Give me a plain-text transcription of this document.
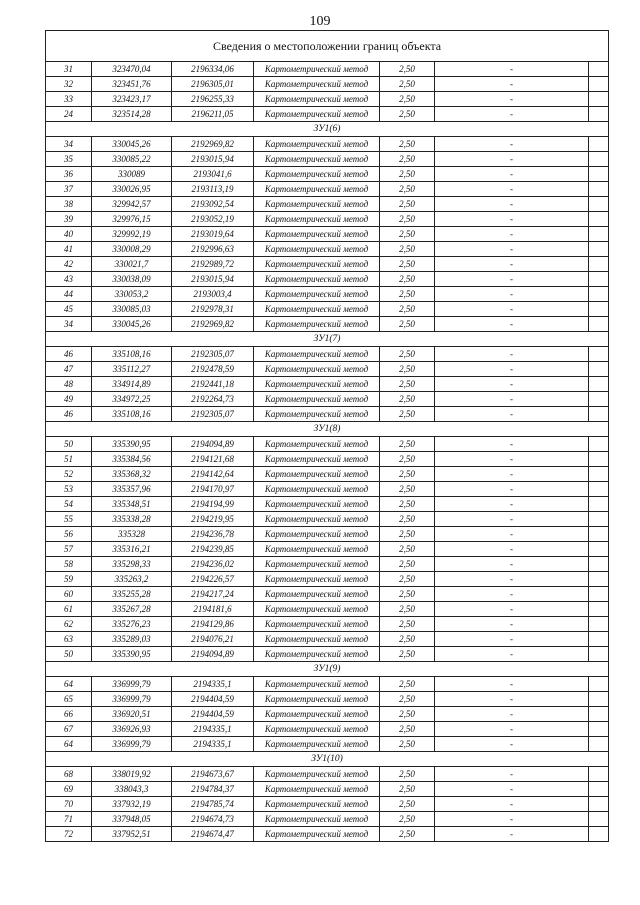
109
Сведения о местоположении границ объекта						
31	323470,04	2196334,06	Картометрический метод	2,50	-	
32	323451,76	2196305,01	Картометрический метод	2,50	-	
33	323423,17	2196255,33	Картометрический метод	2,50	-	
24	323514,28	2196211,05	Картометрический метод	2,50	-	
ЗУ1(6)						
34	330045,26	2192969,82	Картометрический метод	2,50	-	
35	330085,22	2193015,94	Картометрический метод	2,50	-	
36	330089	2193041,6	Картометрический метод	2,50	-	
37	330026,95	2193113,19	Картометрический метод	2,50	-	
38	329942,57	2193092,54	Картометрический метод	2,50	-	
39	329976,15	2193052,19	Картометрический метод	2,50	-	
40	329992,19	2193019,64	Картометрический метод	2,50	-	
41	330008,29	2192996,63	Картометрический метод	2,50	-	
42	330021,7	2192989,72	Картометрический метод	2,50	-	
43	330038,09	2193015,94	Картометрический метод	2,50	-	
44	330053,2	2193003,4	Картометрический метод	2,50	-	
45	330085,03	2192978,31	Картометрический метод	2,50	-	
34	330045,26	2192969,82	Картометрический метод	2,50	-	
ЗУ1(7)						
46	335108,16	2192305,07	Картометрический метод	2,50	-	
47	335112,27	2192478,59	Картометрический метод	2,50	-	
48	334914,89	2192441,18	Картометрический метод	2,50	-	
49	334972,25	2192264,73	Картометрический метод	2,50	-	
46	335108,16	2192305,07	Картометрический метод	2,50	-	
ЗУ1(8)						
50	335390,95	2194094,89	Картометрический метод	2,50	-	
51	335384,56	2194121,68	Картометрический метод	2,50	-	
52	335368,32	2194142,64	Картометрический метод	2,50	-	
53	335357,96	2194170,97	Картометрический метод	2,50	-	
54	335348,51	2194194,99	Картометрический метод	2,50	-	
55	335338,28	2194219,95	Картометрический метод	2,50	-	
56	335328	2194236,78	Картометрический метод	2,50	-	
57	335316,21	2194239,85	Картометрический метод	2,50	-	
58	335298,33	2194236,02	Картометрический метод	2,50	-	
59	335263,2	2194226,57	Картометрический метод	2,50	-	
60	335255,28	2194217,24	Картометрический метод	2,50	-	
61	335267,28	2194181,6	Картометрический метод	2,50	-	
62	335276,23	2194129,86	Картометрический метод	2,50	-	
63	335289,03	2194076,21	Картометрический метод	2,50	-	
50	335390,95	2194094,89	Картометрический метод	2,50	-	
ЗУ1(9)						
64	336999,79	2194335,1	Картометрический метод	2,50	-	
65	336999,79	2194404,59	Картометрический метод	2,50	-	
66	336920,51	2194404,59	Картометрический метод	2,50	-	
67	336926,93	2194335,1	Картометрический метод	2,50	-	
64	336999,79	2194335,1	Картометрический метод	2,50	-	
ЗУ1(10)						
68	338019,92	2194673,67	Картометрический метод	2,50	-	
69	338043,3	2194784,37	Картометрический метод	2,50	-	
70	337932,19	2194785,74	Картометрический метод	2,50	-	
71	337948,05	2194674,73	Картометрический метод	2,50	-	
72	337952,51	2194674,47	Картометрический метод	2,50	-	
